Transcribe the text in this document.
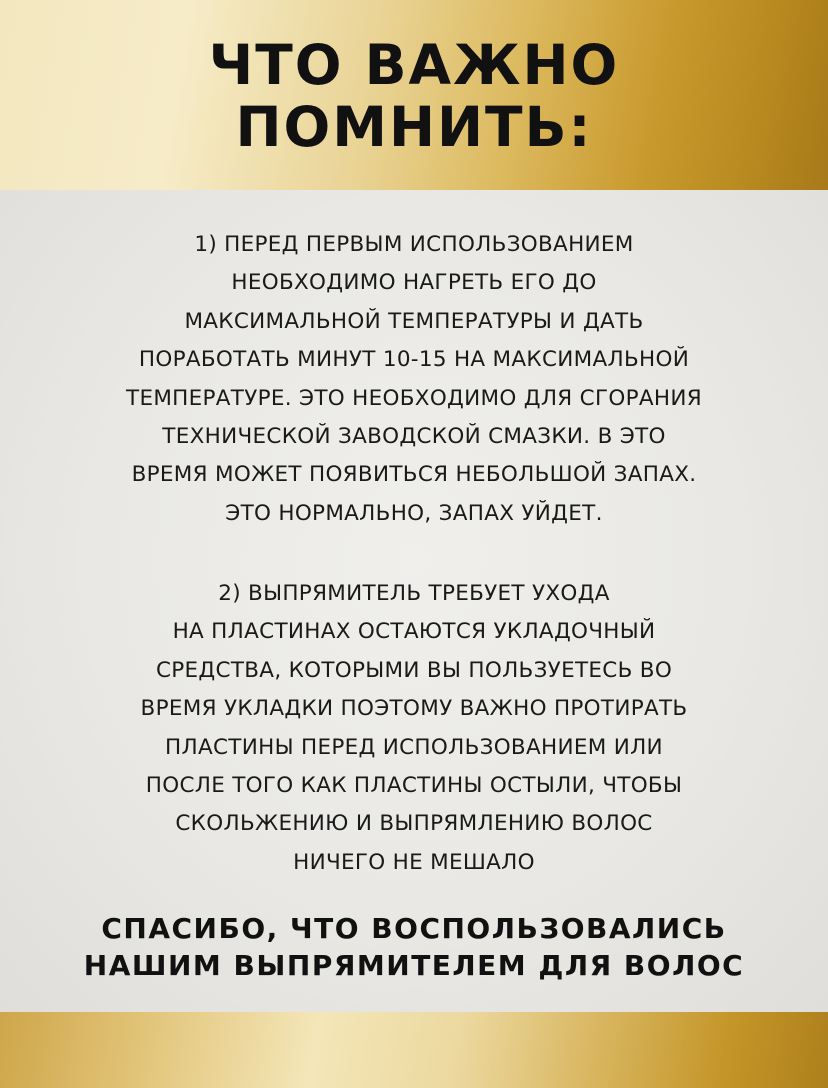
ЧТО ВАЖНО
ПОМНИТЬ:

1) ПЕРЕД ПЕРВЫМ ИСПОЛЬЗОВАНИЕМ
НЕОБХОДИМО НАГРЕТЬ ЕГО ДО
МАКСИМАЛЬНОЙ ТЕМПЕРАТУРЫ И ДАТЬ
ПОРАБОТАТЬ МИНУТ 10-15 НА МАКСИМАЛЬНОЙ
ТЕМПЕРАТУРЕ. ЭТО НЕОБХОДИМО ДЛЯ СГОРАНИЯ
ТЕХНИЧЕСКОЙ ЗАВОДСКОЙ СМАЗКИ. В ЭТО
ВРЕМЯ МОЖЕТ ПОЯВИТЬСЯ НЕБОЛЬШОЙ ЗАПАХ.
ЭТО НОРМАЛЬНО, ЗАПАХ УЙДЕТ.

2) ВЫПРЯМИТЕЛЬ ТРЕБУЕТ УХОДА
НА ПЛАСТИНАХ ОСТАЮТСЯ УКЛАДОЧНЫЙ
СРЕДСТВА, КОТОРЫМИ ВЫ ПОЛЬЗУЕТЕСЬ ВО
ВРЕМЯ УКЛАДКИ ПОЭТОМУ ВАЖНО ПРОТИРАТЬ
ПЛАСТИНЫ ПЕРЕД ИСПОЛЬЗОВАНИЕМ ИЛИ
ПОСЛЕ ТОГО КАК ПЛАСТИНЫ ОСТЫЛИ, ЧТОБЫ
СКОЛЬЖЕНИЮ И ВЫПРЯМЛЕНИЮ ВОЛОС
НИЧЕГО НЕ МЕШАЛО

СПАСИБО, ЧТО ВОСПОЛЬЗОВАЛИСЬ
НАШИМ ВЫПРЯМИТЕЛЕМ ДЛЯ ВОЛОС
